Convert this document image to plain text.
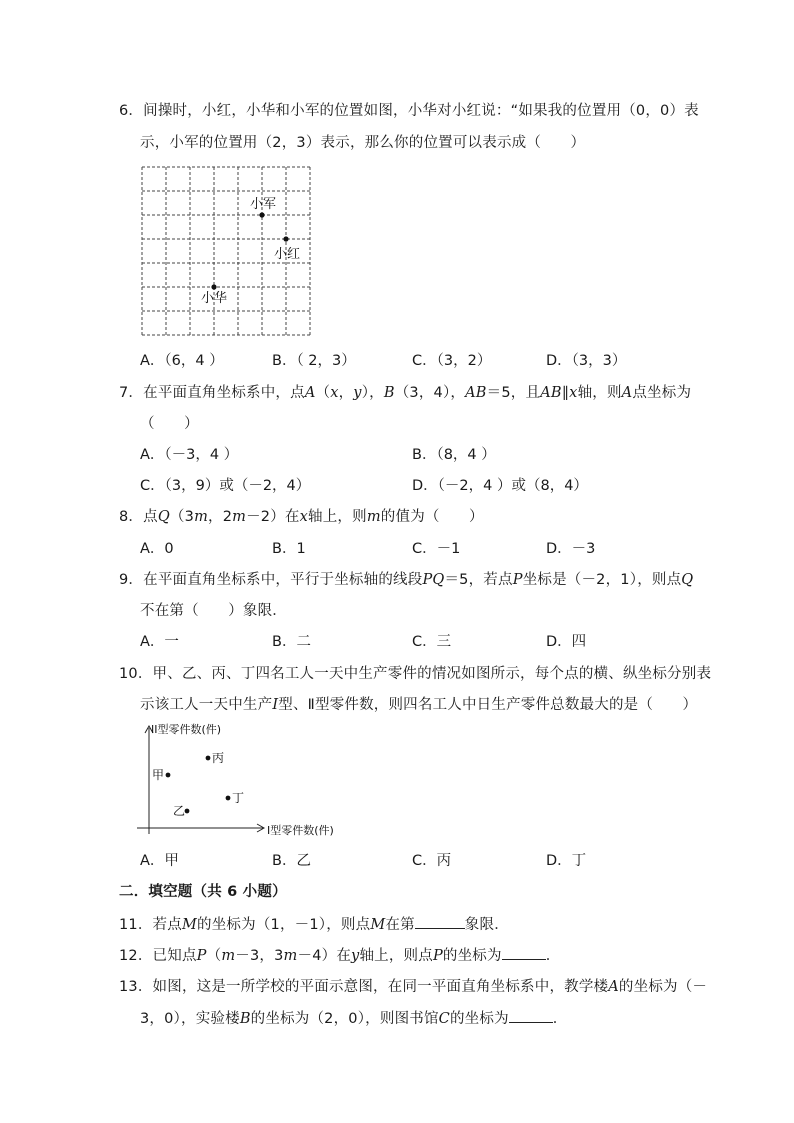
6．间操时，小红，小华和小军的位置如图，小华对小红说：“如果我的位置用（0，0）表
示，小军的位置用（2，3）表示，那么你的位置可以表示成（　　）
小军
小红
小华
A．（6，4 ）	B．（ 2，3）	C．（3，2）	D．（3，3）
7．在平面直角坐标系中，点A（x，y），B（3，4），AB＝5，且AB∥x轴，则A点坐标为
（　　）
A．（－3，4 ）	B．（8，4 ）
C．（3，9）或（－2，4）	D．（－2，4 ）或（8，4）
8．点Q（3m，2m－2）在x轴上，则m的值为（　　）
A．0	B．1	C．－1	D．－3
9．在平面直角坐标系中，平行于坐标轴的线段PQ＝5，若点P坐标是（－2，1），则点Q
不在第（　　）象限．
A．一	B．二	C．三	D．四
10．甲、乙、丙、丁四名工人一天中生产零件的情况如图所示，每个点的横、纵坐标分别表
示该工人一天中生产I型、Ⅱ型零件数，则四名工人中日生产零件总数最大的是（　　）
II型零件数(件)
I型零件数(件)
丙
甲
丁
乙
A．甲	B．乙	C．丙	D．丁
二．填空题（共 6 小题）
11．若点M的坐标为（1，－1），则点M在第	象限．
12．已知点P（m－3，3m－4）在y轴上，则点P的坐标为	．
13．如图，这是一所学校的平面示意图，在同一平面直角坐标系中，教学楼A的坐标为（－
3，0），实验楼B的坐标为（2，0），则图书馆C的坐标为	．
